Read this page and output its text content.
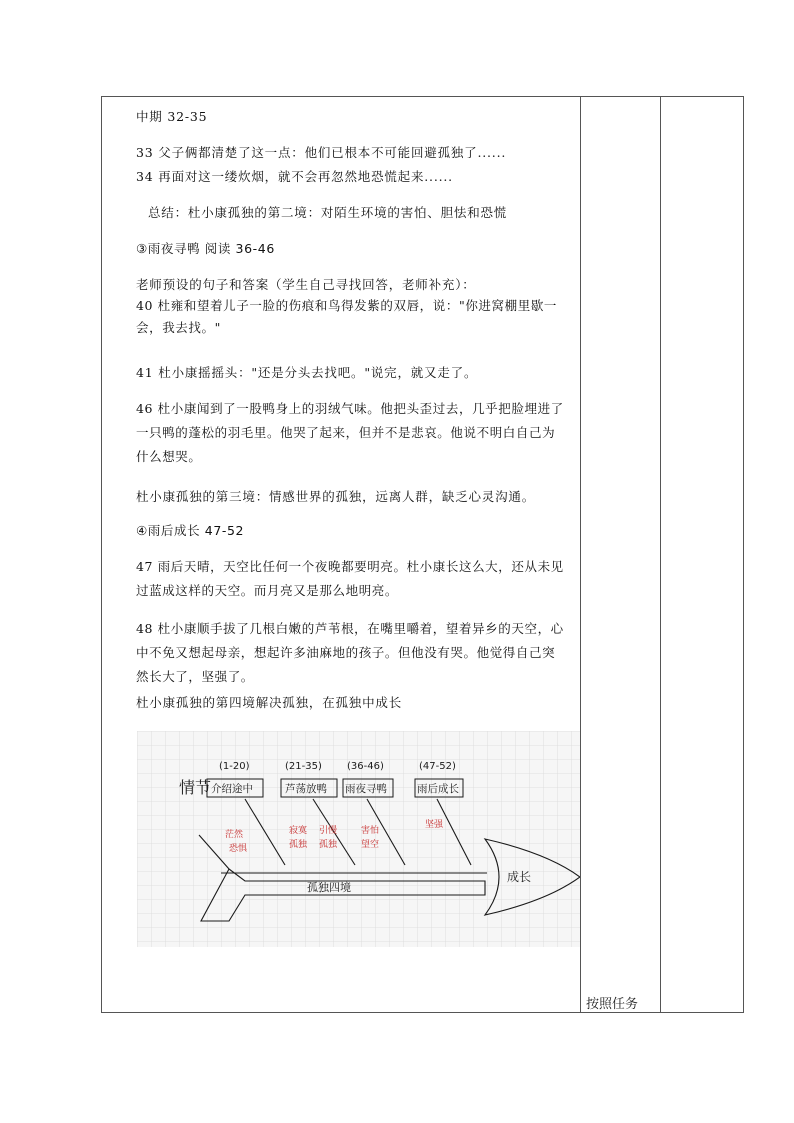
中期 32-35
33 父子俩都清楚了这一点：他们已根本不可能回避孤独了......
34 再面对这一缕炊烟，就不会再忽然地恐慌起来......
总结：杜小康孤独的第二境：对陌生环境的害怕、胆怯和恐慌
③雨夜寻鸭 阅读 36-46
老师预设的句子和答案（学生自己寻找回答，老师补充）：
40 杜雍和望着儿子一脸的伤痕和鸟得发紫的双唇，说："你进窝棚里歇一会，我去找。"
41 杜小康摇摇头："还是分头去找吧。"说完，就又走了。
46 杜小康闻到了一股鸭身上的羽绒气味。他把头歪过去，几乎把脸埋进了一只鸭的蓬松的羽毛里。他哭了起来，但并不是悲哀。他说不明白自己为什么想哭。
杜小康孤独的第三境：情感世界的孤独，远离人群，缺乏心灵沟通。
④雨后成长 47-52
47 雨后天晴，天空比任何一个夜晚都要明亮。杜小康长这么大，还从未见过蓝成这样的天空。而月亮又是那么地明亮。
48 杜小康顺手拔了几根白嫩的芦苇根，在嘴里嚼着，望着异乡的天空，心中不免又想起母亲，想起许多油麻地的孩子。但他没有哭。他觉得自己突然长大了，坚强了。
杜小康孤独的第四境解决孤独，在孤独中成长
情节
(1-20)
介绍途中
(21-35)
芦荡放鸭
(36-46)
雨夜寻鸭
(47-52)
雨后成长
孤独四境
成长
茫然
恐惧
寂寞
孤独
引慢
孤独
害怕
望空
坚强
按照任务
